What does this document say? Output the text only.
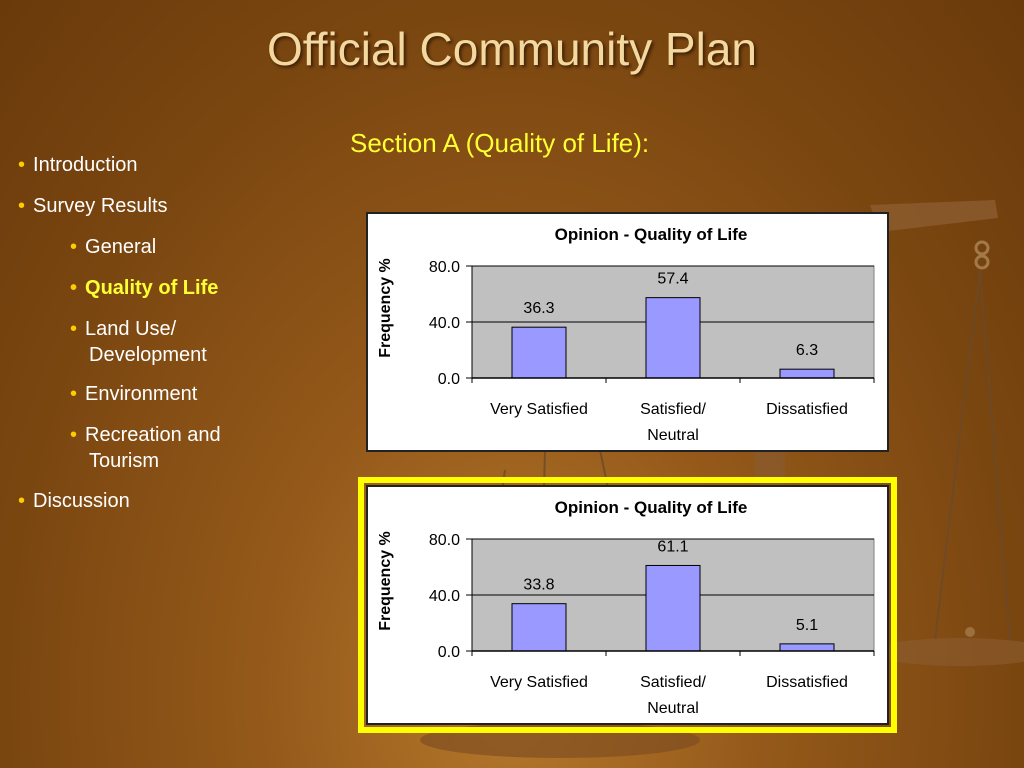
Official Community Plan
Section A (Quality of Life):
• Introduction
• Survey Results
• General
• Quality of Life
• Land Use/
Development
• Environment
• Recreation and
Tourism
• Discussion
Opinion - Quality of Life
0.0
40.0
80.0
Frequency %	36.3
Very Satisfied
57.4
Satisfied/
Neutral
6.3
Dissatisfied
Opinion - Quality of Life
0.0
40.0
80.0
Frequency %	33.8
Very Satisfied
61.1
Satisfied/
Neutral
5.1
Dissatisfied
